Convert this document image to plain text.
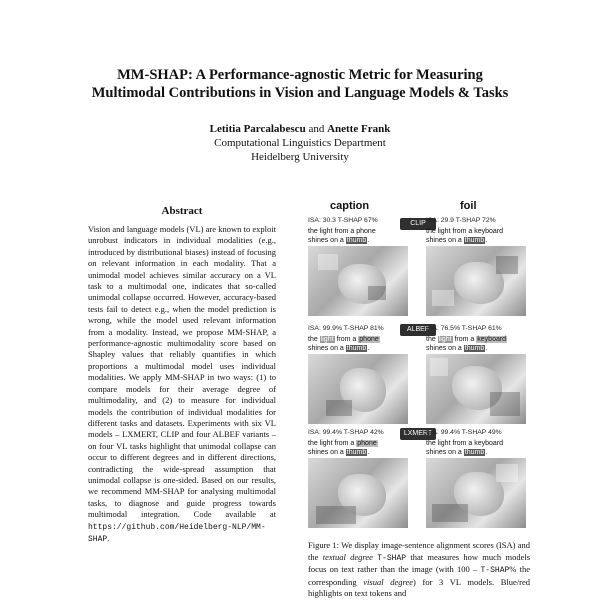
MM-SHAP: A Performance-agnostic Metric for Measuring
Multimodal Contributions in Vision and Language Models & Tasks
Letitia Parcalabescu and Anette Frank
Computational Linguistics Department
Heidelberg University
Abstract
Vision and language models (VL) are known to exploit unrobust indicators in individual modalities (e.g., introduced by distributional biases) instead of focusing on relevant information in each modality. That a unimodal model achieves similar accuracy on a VL task to a multimodal one, indicates that so-called unimodal collapse occurred. However, accuracy-based tests fail to detect e.g., when the model prediction is wrong, while the model used relevant information from a modality. Instead, we propose MM-SHAP, a performance-agnostic multimodality score based on Shapley values that reliably quantifies in which proportions a multimodal model uses individual modalities. We apply MM-SHAP in two ways: (1) to compare models for their average degree of multimodality, and (2) to measure for individual models the contribution of individual modalities for different tasks and datasets. Experiments with six VL models – LXMERT, CLIP and four ALBEF variants – on four VL tasks highlight that unimodal collapse can occur to different degrees and in different directions, contradicting the wide-spread assumption that unimodal collapse is one-sided. Based on our results, we recommend MM-SHAP for analysing multimodal tasks, to diagnose and guide progress towards multimodal integration. Code available at https://github.com/Heidelberg-NLP/MM-SHAP.
caption	foil
CLIP
ISA: 30.3 T-SHAP 67%
the light from a phone
shines on a thumb.
ISA: 29.9 T-SHAP 72%
the light from a keyboard
shines on a thumb.
ALBEF
ISA: 99.9% T-SHAP 81%
the light from a phone
shines on a thumb.
ISA: 76.5% T-SHAP 61%
the light from a keyboard
shines on a thumb.
LXMERT
ISA: 99.4% T-SHAP 42%
the light from a phone
shines on a thumb.
ISA: 99.4% T-SHAP 49%
the light from a keyboard
shines on a thumb.
Figure 1: We display image-sentence alignment scores (ISA) and the textual degree T-SHAP that measures how much models focus on text rather than the image (with 100 – T-SHAP% the corresponding visual degree) for 3 VL models. Blue/red highlights on text tokens and
